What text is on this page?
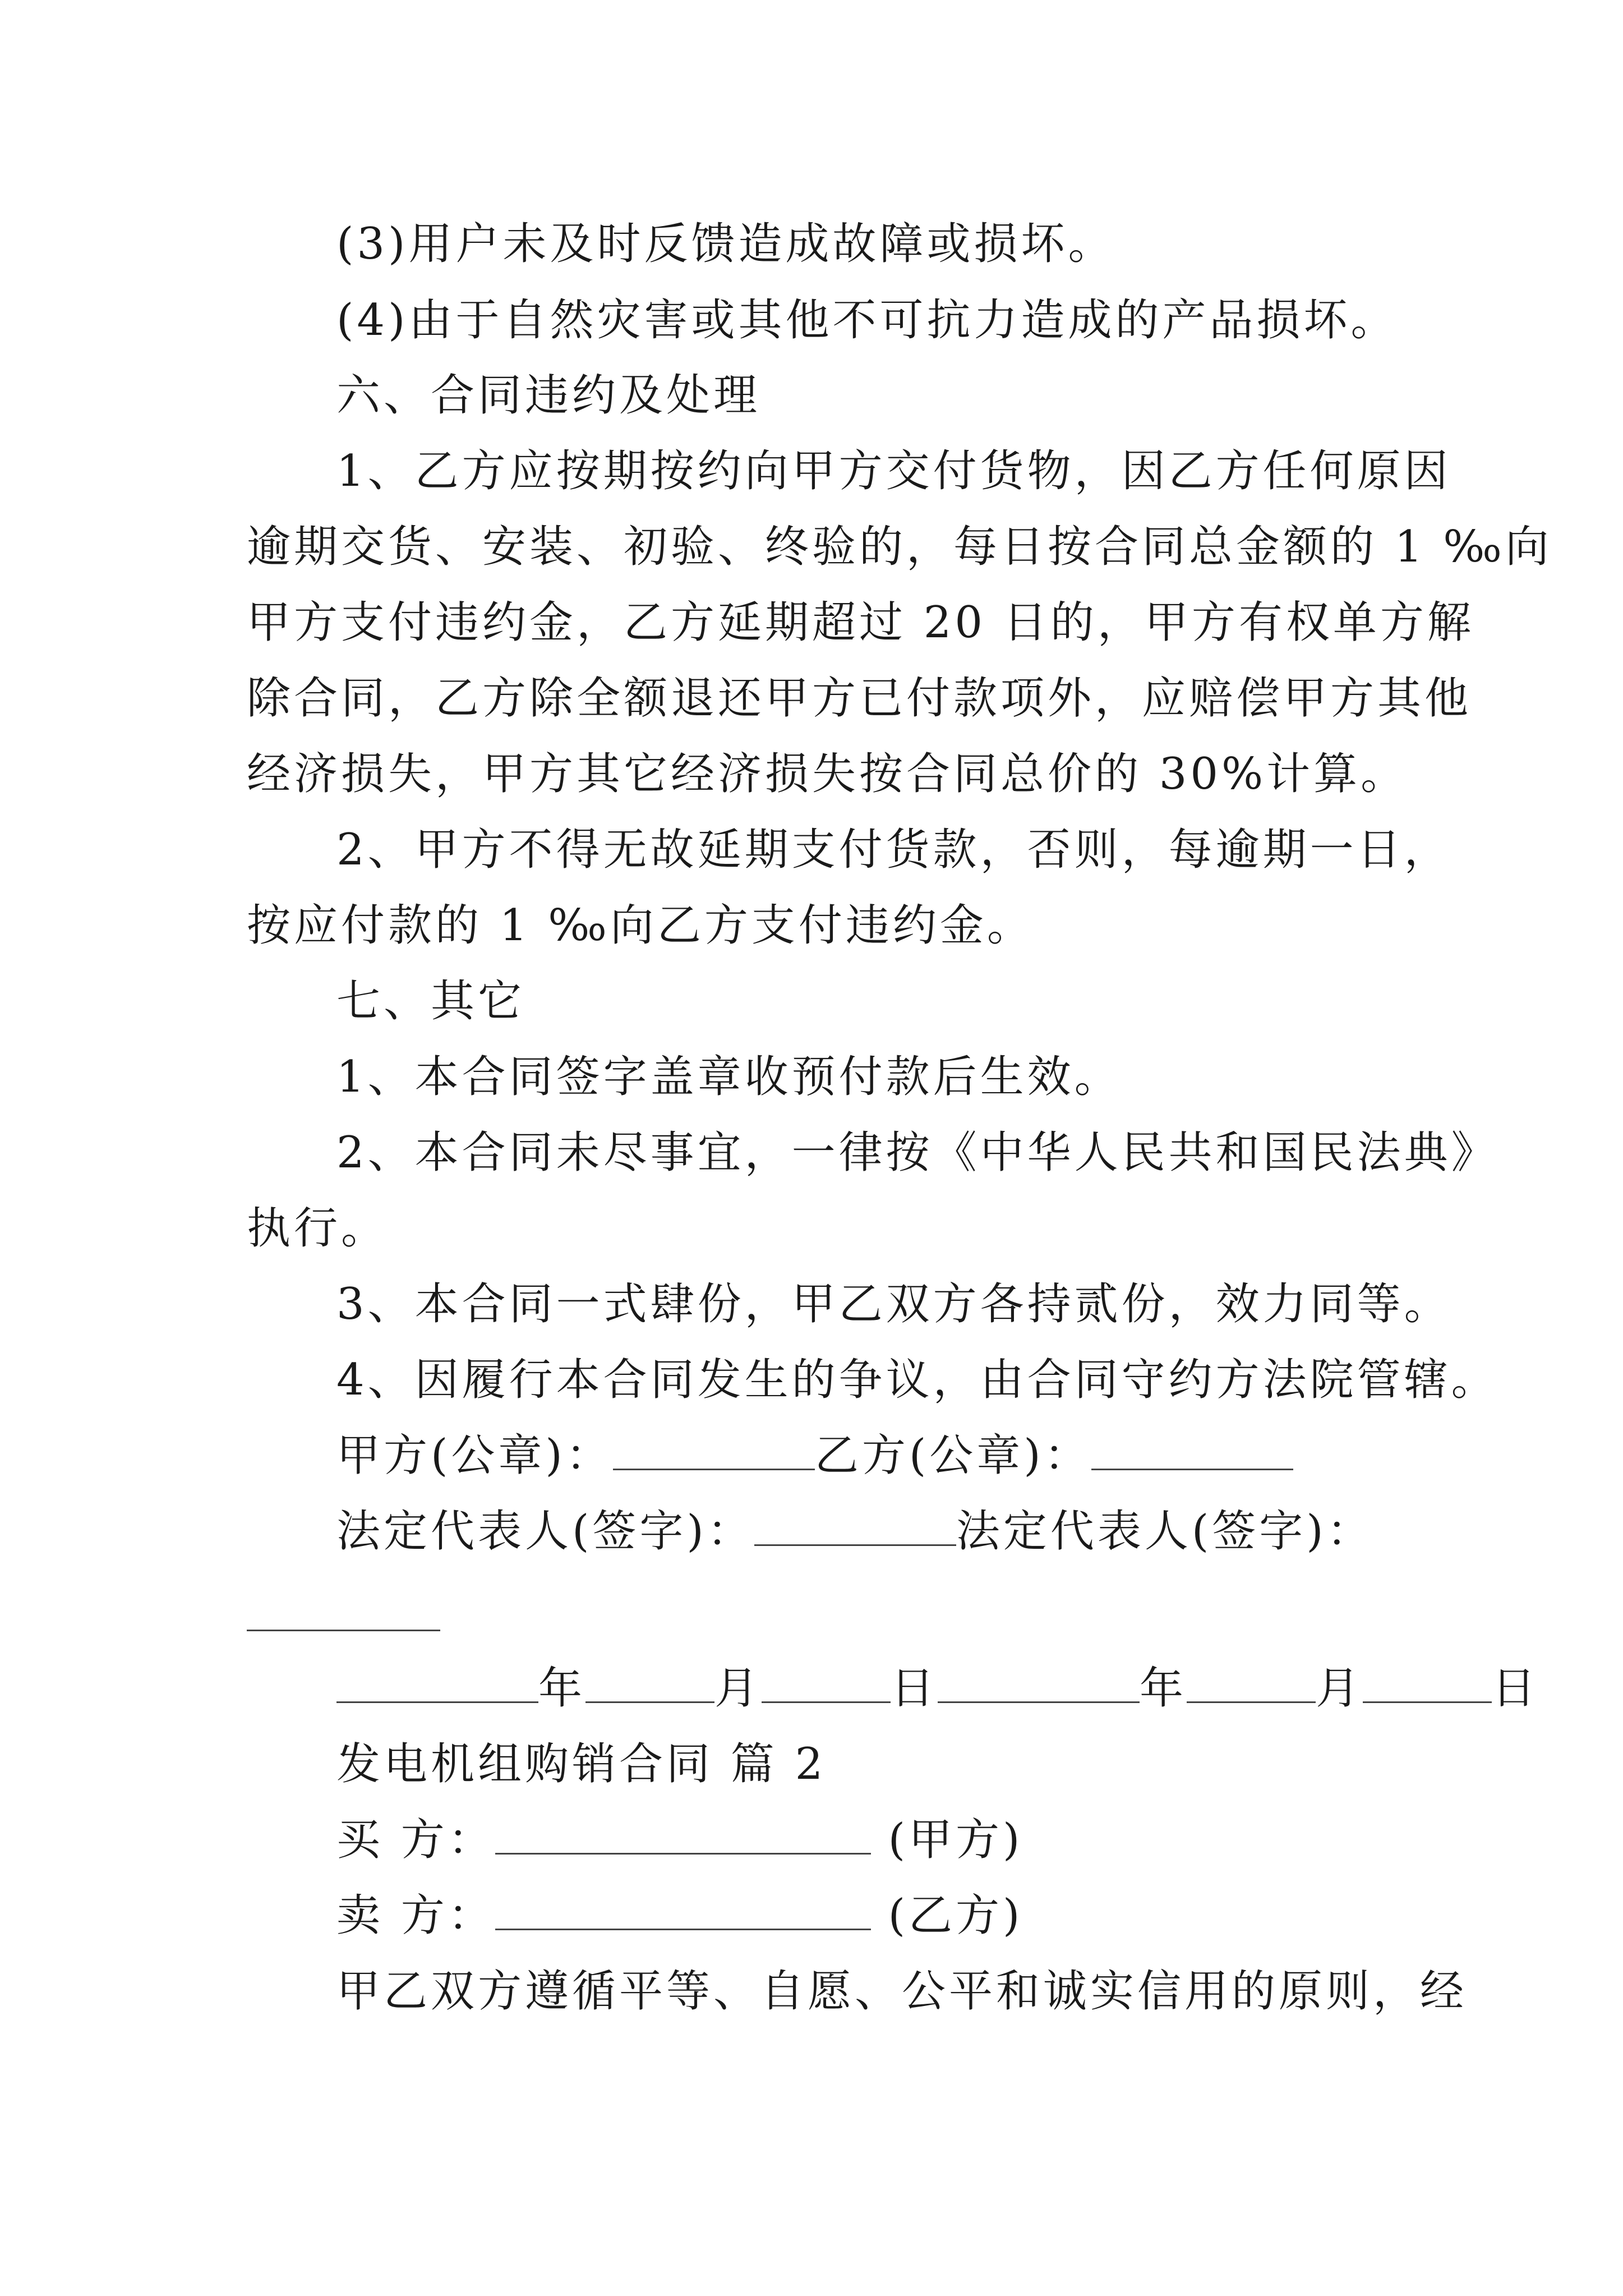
(3)用户未及时反馈造成故障或损坏。
(4)由于自然灾害或其他不可抗力造成的产品损坏。
六、合同违约及处理
1、乙方应按期按约向甲方交付货物，因乙方任何原因
逾期交货、安装、初验、终验的，每日按合同总金额的 1 ‰向
甲方支付违约金，乙方延期超过 20 日的，甲方有权单方解
除合同，乙方除全额退还甲方已付款项外，应赔偿甲方其他
经济损失，甲方其它经济损失按合同总价的 30%计算。
2、甲方不得无故延期支付货款，否则，每逾期一日，
按应付款的 1 ‰向乙方支付违约金。
七、其它
1、本合同签字盖章收预付款后生效。
2、本合同未尽事宜，一律按《中华人民共和国民法典》
执行。
3、本合同一式肆份，甲乙双方各持贰份，效力同等。
4、因履行本合同发生的争议，由合同守约方法院管辖。
甲方(公章)：	乙方(公章)：
法定代表人(签字)：	法定代表人(签字)：
年	月	日	年	月	日
发电机组购销合同 篇 2
买 方：	(甲方)
卖 方：	(乙方)
甲乙双方遵循平等、自愿、公平和诚实信用的原则，经
